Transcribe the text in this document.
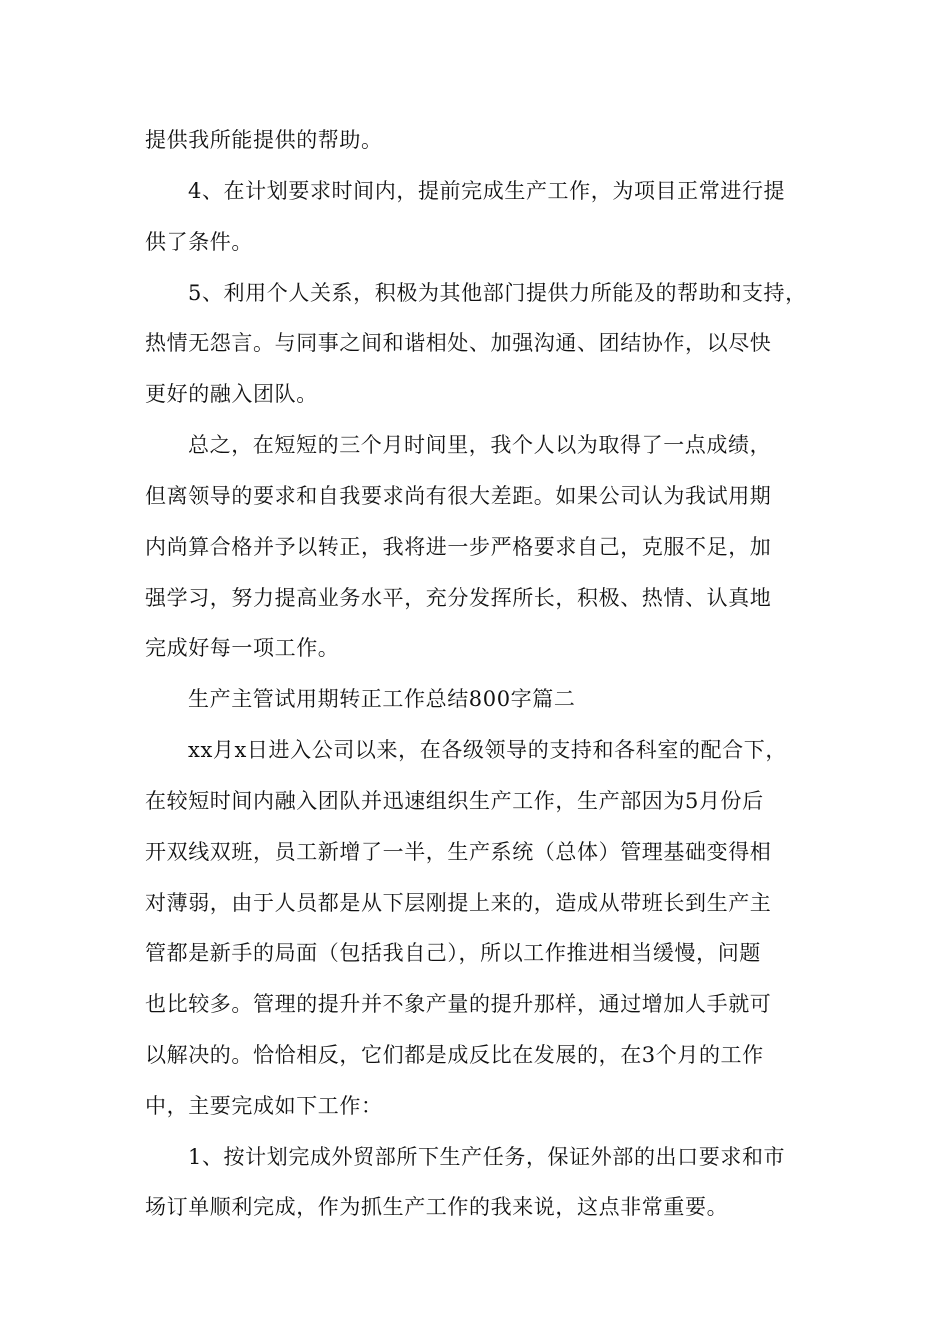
提供我所能提供的帮助。
4、在计划要求时间内，提前完成生产工作，为项目正常进行提
供了条件。
5、利用个人关系，积极为其他部门提供力所能及的帮助和支持，
热情无怨言。与同事之间和谐相处、加强沟通、团结协作，以尽快
更好的融入团队。
总之，在短短的三个月时间里，我个人以为取得了一点成绩，
但离领导的要求和自我要求尚有很大差距。如果公司认为我试用期
内尚算合格并予以转正，我将进一步严格要求自己，克服不足，加
强学习，努力提高业务水平，充分发挥所长，积极、热情、认真地
完成好每一项工作。
生产主管试用期转正工作总结800字篇二
xx月x日进入公司以来，在各级领导的支持和各科室的配合下，
在较短时间内融入团队并迅速组织生产工作，生产部因为5月份后
开双线双班，员工新增了一半，生产系统（总体）管理基础变得相
对薄弱，由于人员都是从下层刚提上来的，造成从带班长到生产主
管都是新手的局面（包括我自己），所以工作推进相当缓慢，问题
也比较多。管理的提升并不象产量的提升那样，通过增加人手就可
以解决的。恰恰相反，它们都是成反比在发展的，在3个月的工作
中，主要完成如下工作：
1、按计划完成外贸部所下生产任务，保证外部的出口要求和市
场订单顺利完成，作为抓生产工作的我来说，这点非常重要。
